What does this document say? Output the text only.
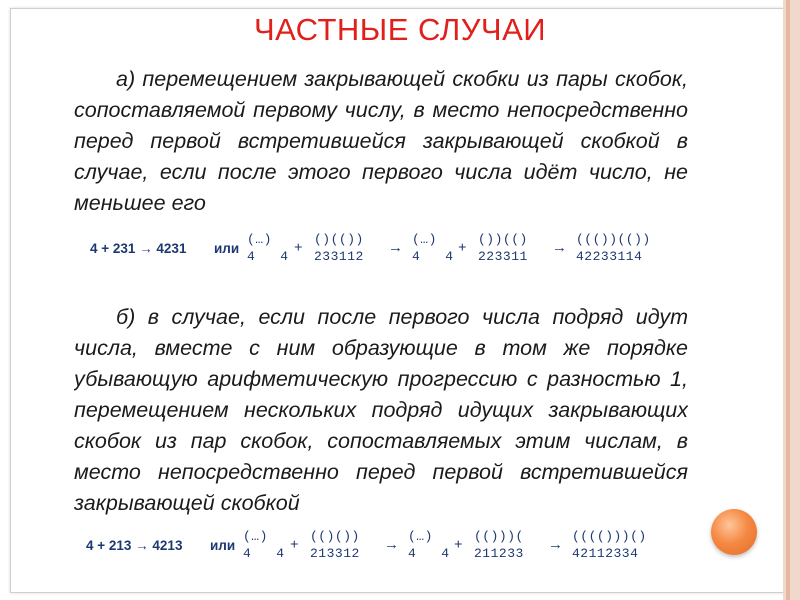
ЧАСТНЫЕ СЛУЧАИ
а) перемещением закрывающей скобки из пары скобок, сопоставляемой первому числу, в место непосредственно перед первой встретившейся закрывающей скобкой в случае, если после этого первого числа идёт число, не меньшее его
4 + 231 → 4231 или
(…)
4   4
+
()(())
233112
→
(…)
4   4
+
())(()
223311
→
((())(())
42233114
б) в случае, если после первого числа подряд идут числа, вместе с ним образующие в том же порядке убывающую арифметическую прогрессию с разностью 1, перемещением нескольких подряд идущих закрывающих скобок из пар скобок, сопоставляемых этим числам, в место непосредственно перед первой встретившейся закрывающей скобкой
4 + 213 → 4213 или
(…)
4   4
+
(()())
213312
→
(…)
4   4
+
(()))(
211233
→
(((()))()
42112334
